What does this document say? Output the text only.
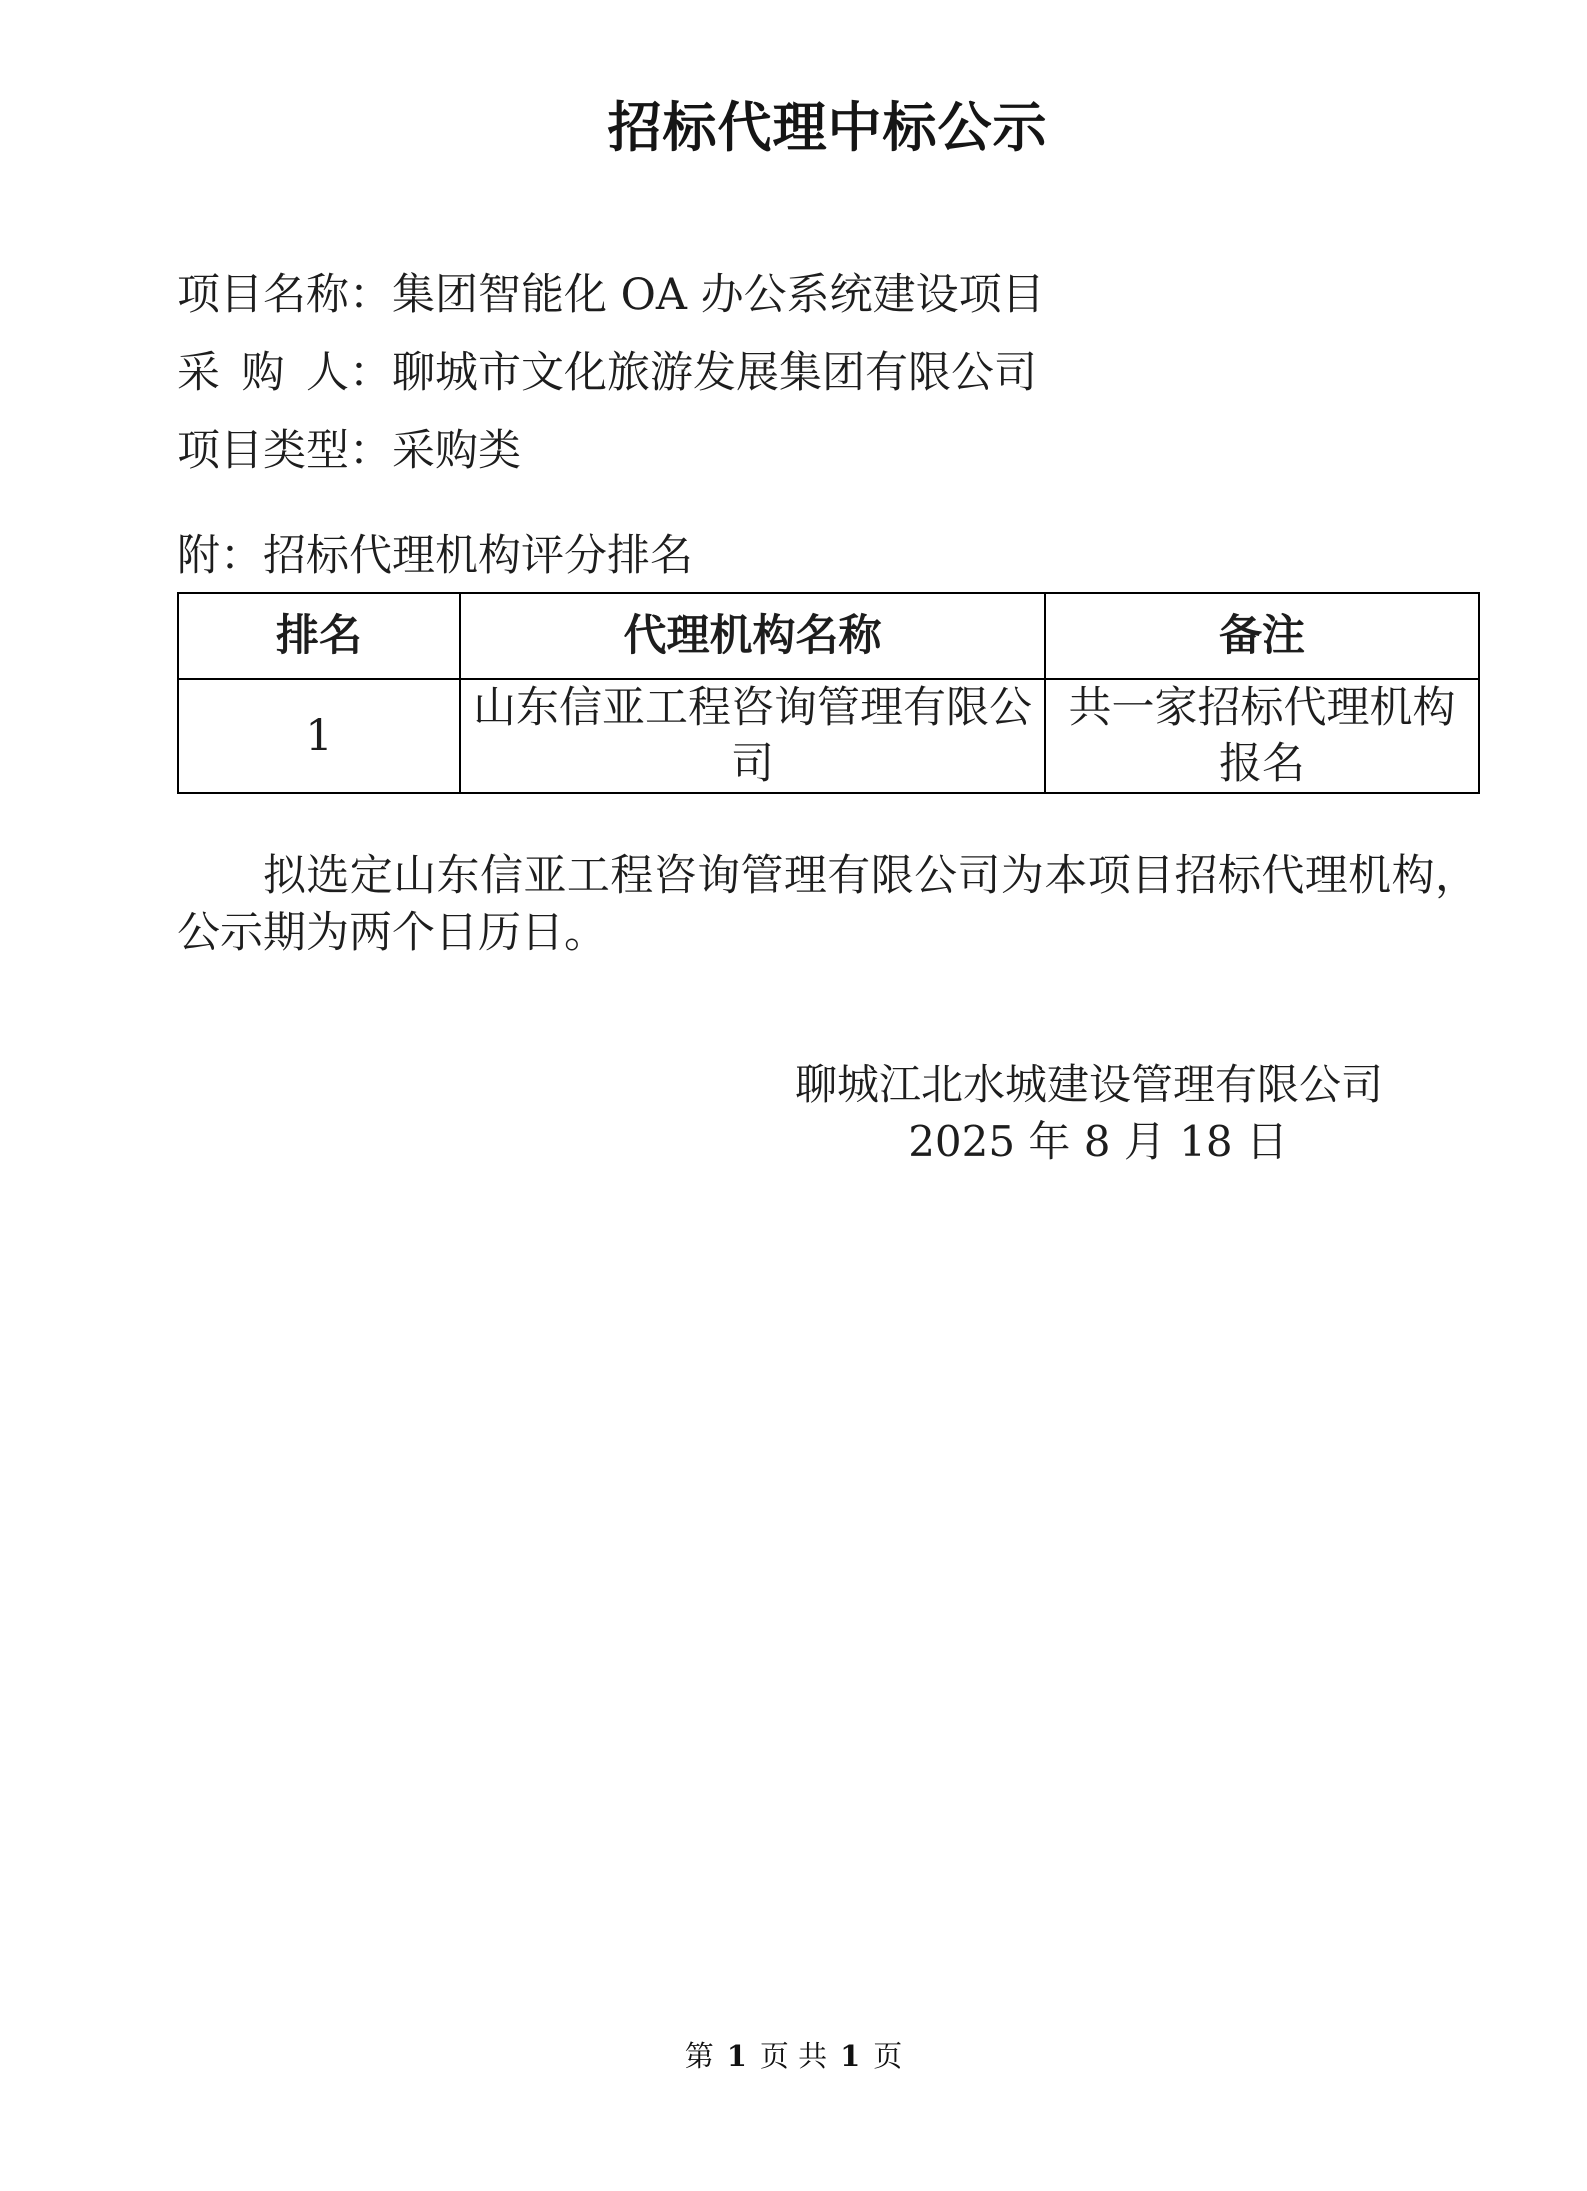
招标代理中标公示
项目名称：集团智能化 OA 办公系统建设项目
采购人：聊城市文化旅游发展集团有限公司
项目类型：采购类
附：招标代理机构评分排名
排名	代理机构名称	备注
1	山东信亚工程咨询管理有限公司	共一家招标代理机构报名

拟选定山东信亚工程咨询管理有限公司为本项目招标代理机构，公示期为两个日历日。

聊城江北水城建设管理有限公司
2025 年 8 月 18 日
第 1 页 共 1 页
